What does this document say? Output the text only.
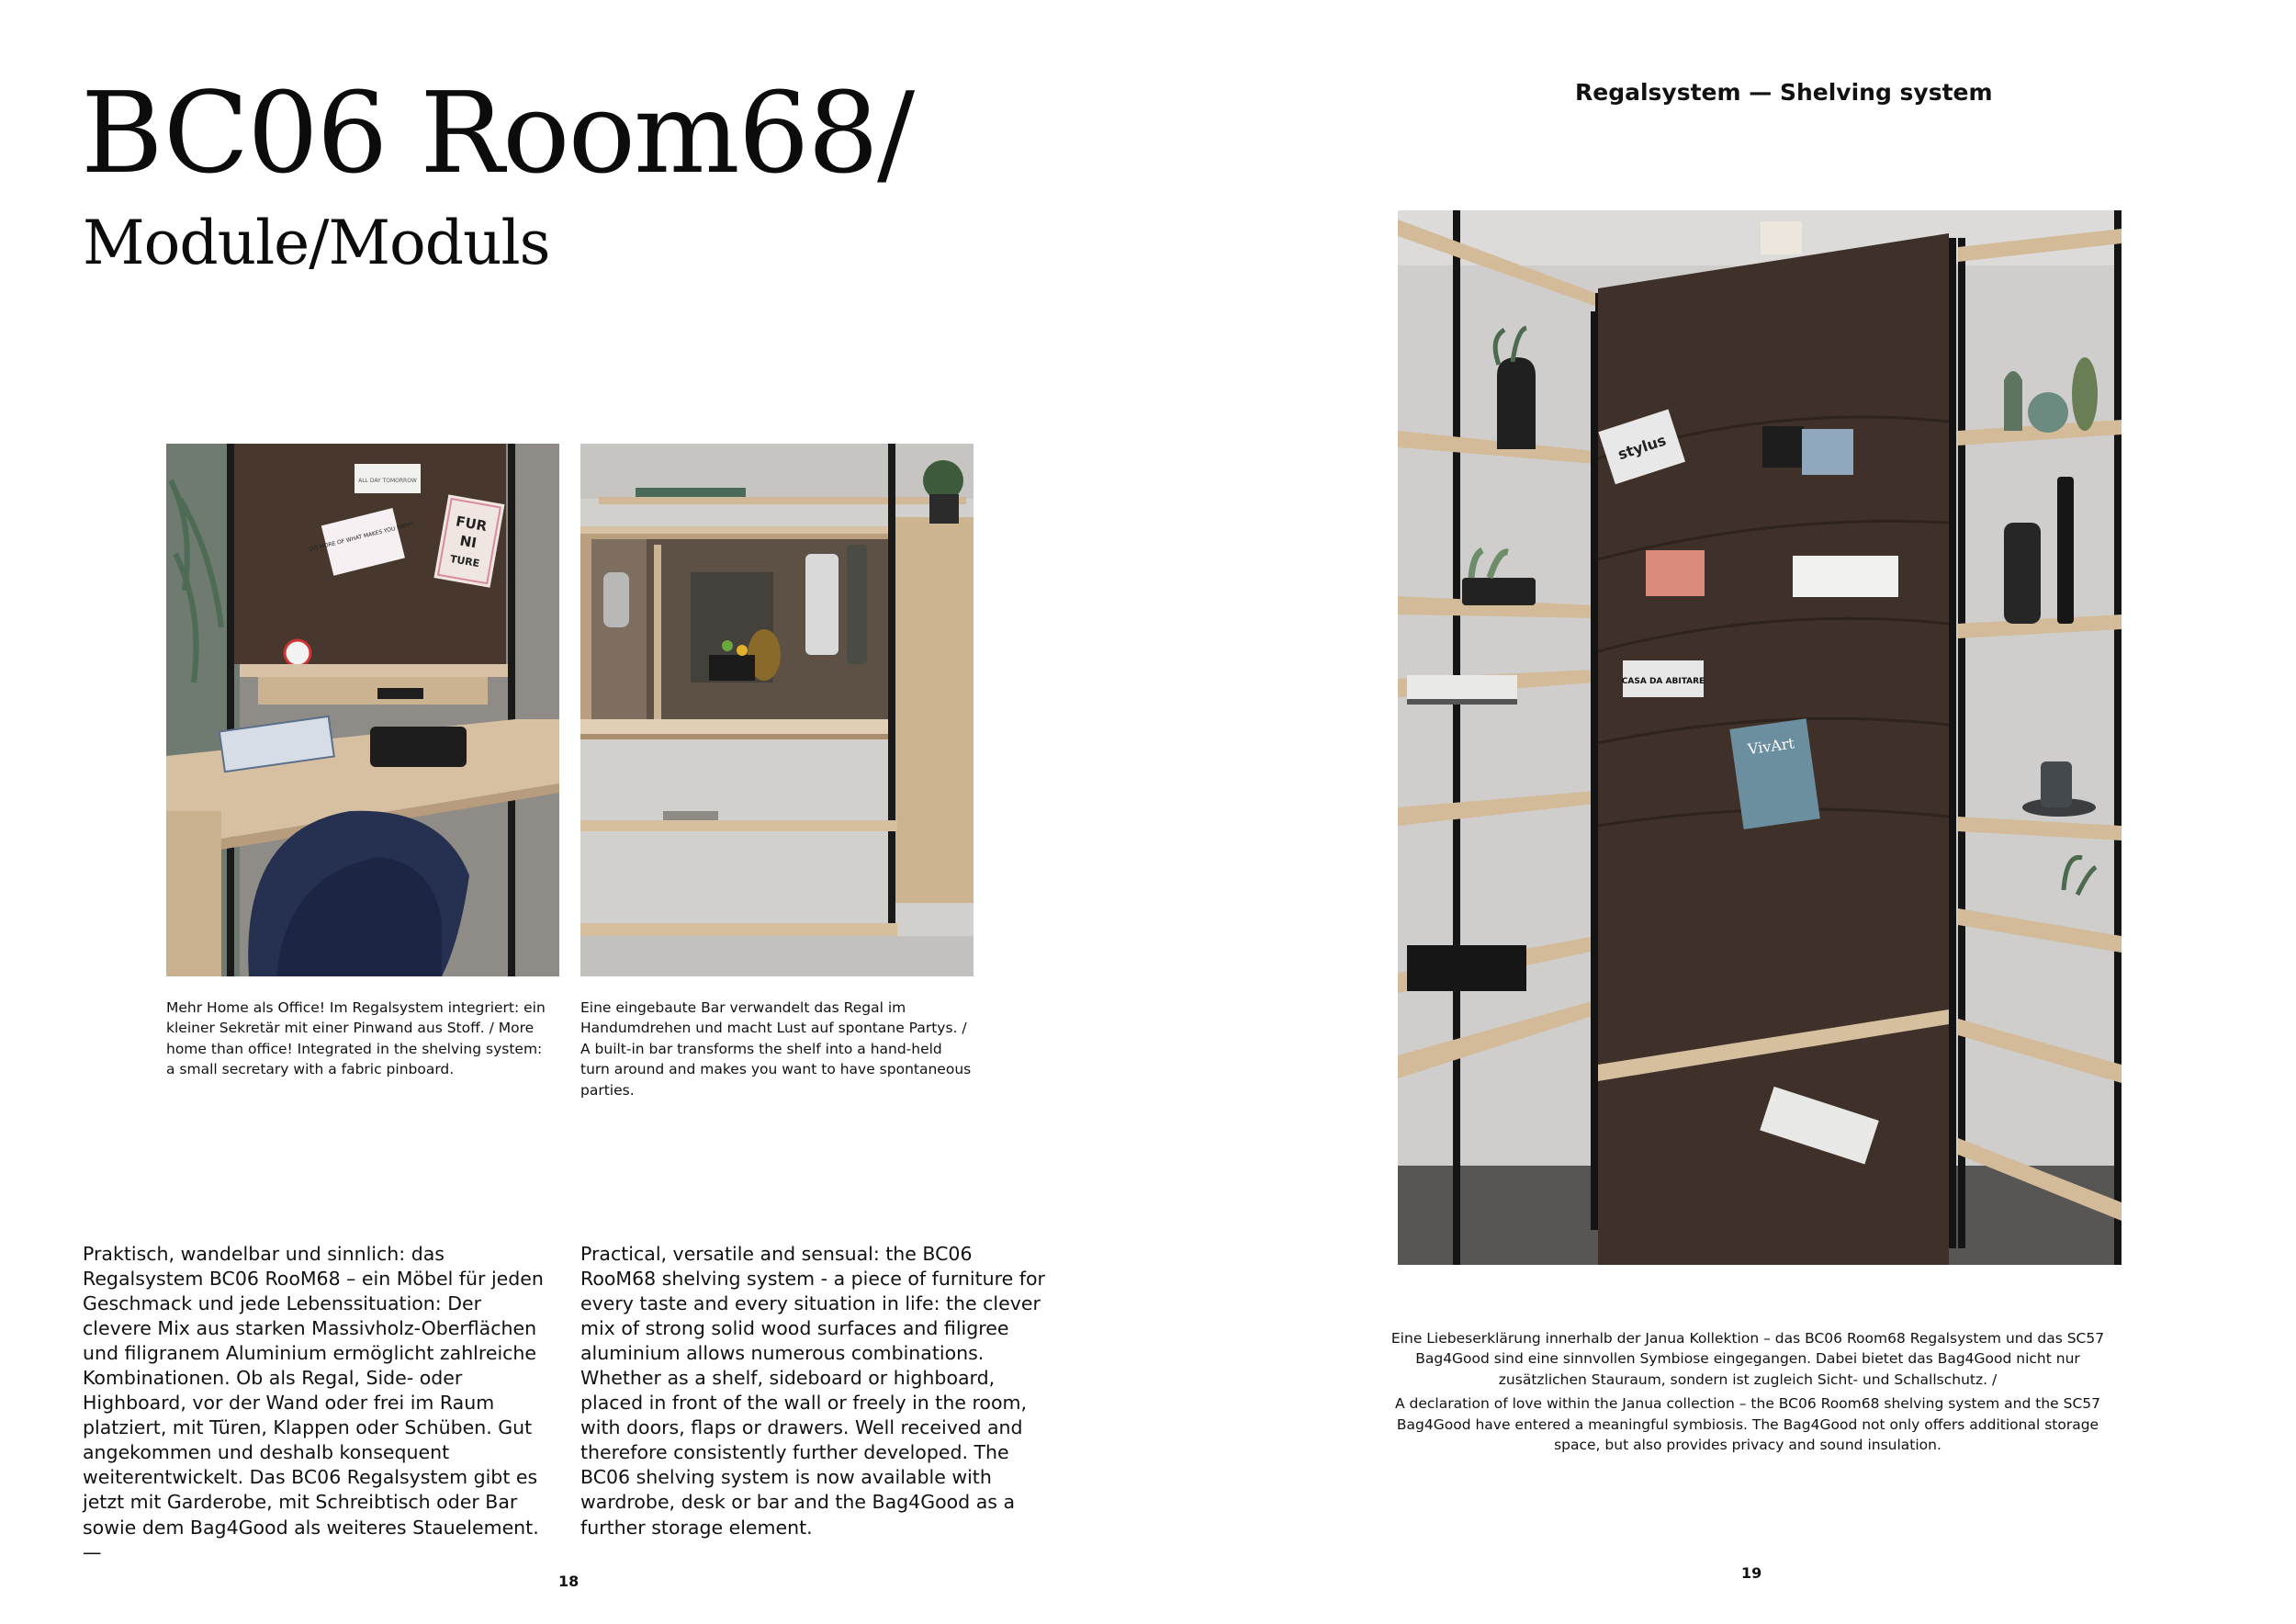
BC06 Room68/
Module/Moduls
ALL DAY TOMORROW
DO MORE OF WHAT MAKES YOU HAPPY	FUR
NI
TURE

Mehr Home als Office! Im Regalsystem integriert: ein kleiner Sekretär mit einer Pinwand aus Stoff. / More home than office! Integrated in the shelving system: a small secretary with a fabric pinboard.

Eine eingebaute Bar verwandelt das Regal im Handumdrehen und macht Lust auf spontane Partys. / A built-in bar transforms the shelf into a hand-held turn around and makes you want to have spontaneous parties.

Praktisch, wandelbar und sinnlich: das Regalsystem BC06 RooM68 – ein Möbel für jeden Geschmack und jede Lebenssituation: Der clevere Mix aus starken Massivholz-Oberflächen und filigranem Aluminium ermöglicht zahlreiche Kombinationen. Ob als Regal, Side- oder Highboard, vor der Wand oder frei im Raum platziert, mit Türen, Klappen oder Schüben. Gut angekommen und deshalb konsequent weiterentwickelt. Das BC06 Regalsystem gibt es jetzt mit Garderobe, mit Schreibtisch oder Bar sowie dem Bag4Good als weiteres Stauelement. —

Practical, versatile and sensual: the BC06 RooM68 shelving system - a piece of furniture for every taste and every situation in life: the clever mix of strong solid wood surfaces and filigree aluminium allows numerous combinations. Whether as a shelf, sideboard or highboard, placed in front of the wall or freely in the room, with doors, flaps or drawers. Well received and therefore consistently further developed. The BC06 shelving system is now available with wardrobe, desk or bar and the Bag4Good as a further storage element.

18
Regalsystem — Shelving system
stylus
CASA DA ABITARE
VivArt

Eine Liebeserklärung innerhalb der Janua Kollektion – das BC06 Room68 Regalsystem und das SC57 Bag4Good sind eine sinnvollen Symbiose eingegangen. Dabei bietet das Bag4Good nicht nur zusätzlichen Stauraum, sondern ist zugleich Sicht- und Schallschutz. /

A declaration of love within the Janua collection – the BC06 Room68 shelving system and the SC57 Bag4Good have entered a meaningful symbiosis. The Bag4Good not only offers additional storage space, but also provides privacy and sound insulation.

19
